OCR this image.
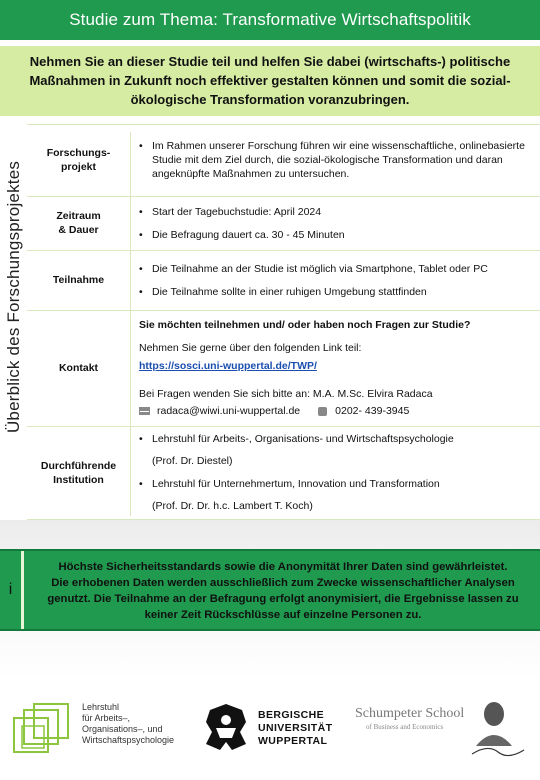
Studie zum Thema: Transformative Wirtschaftspolitik
Nehmen Sie an dieser Studie teil und helfen Sie dabei (wirtschafts-) politische Maßnahmen in Zukunft noch effektiver gestalten können und somit die sozial-ökologische Transformation voranzubringen.
Überblick des Forschungsprojektes
Forschungs-
projekt
• Im Rahmen unserer Forschung führen wir eine wissenschaftliche, onlinebasierte Studie mit dem Ziel durch, die sozial-ökologische Transformation und daran angeknüpfte Maßnahmen zu untersuchen.
Zeitraum
& Dauer
• Start der Tagebuchstudie: April 2024
• Die Befragung dauert ca. 30 - 45 Minuten
Teilnahme
• Die Teilnahme an der Studie ist möglich via Smartphone, Tablet oder PC
• Die Teilnahme sollte in einer ruhigen Umgebung stattfinden
Kontakt
Sie möchten teilnehmen und/ oder haben noch Fragen zur Studie?
Nehmen Sie gerne über den folgenden Link teil:
https://sosci.uni-wuppertal.de/TWP/
Bei Fragen wenden Sie sich bitte an: M.A. M.Sc. Elvira Radaca
radaca@wiwi.uni-wuppertal.de	0202- 439-3945
Durchführende
Institution
• Lehrstuhl für Arbeits-, Organisations- und Wirtschaftspsychologie
(Prof. Dr. Diestel)
• Lehrstuhl für Unternehmertum, Innovation und Transformation
(Prof. Dr. Dr. h.c. Lambert T. Koch)
i
Höchste Sicherheitsstandards sowie die Anonymität Ihrer Daten sind gewährleistet.
Die erhobenen Daten werden ausschließlich zum Zwecke wissenschaftlicher Analysen genutzt. Die Teilnahme an der Befragung erfolgt anonymisiert, die Ergebnisse lassen zu keiner Zeit Rückschlüsse auf einzelne Personen zu.
Lehrstuhl
für Arbeits–,
Organisations–, und
Wirtschaftspsychologie
BERGISCHE
UNIVERSITÄT
WUPPERTAL
Schumpeter School
of Business and Economics
